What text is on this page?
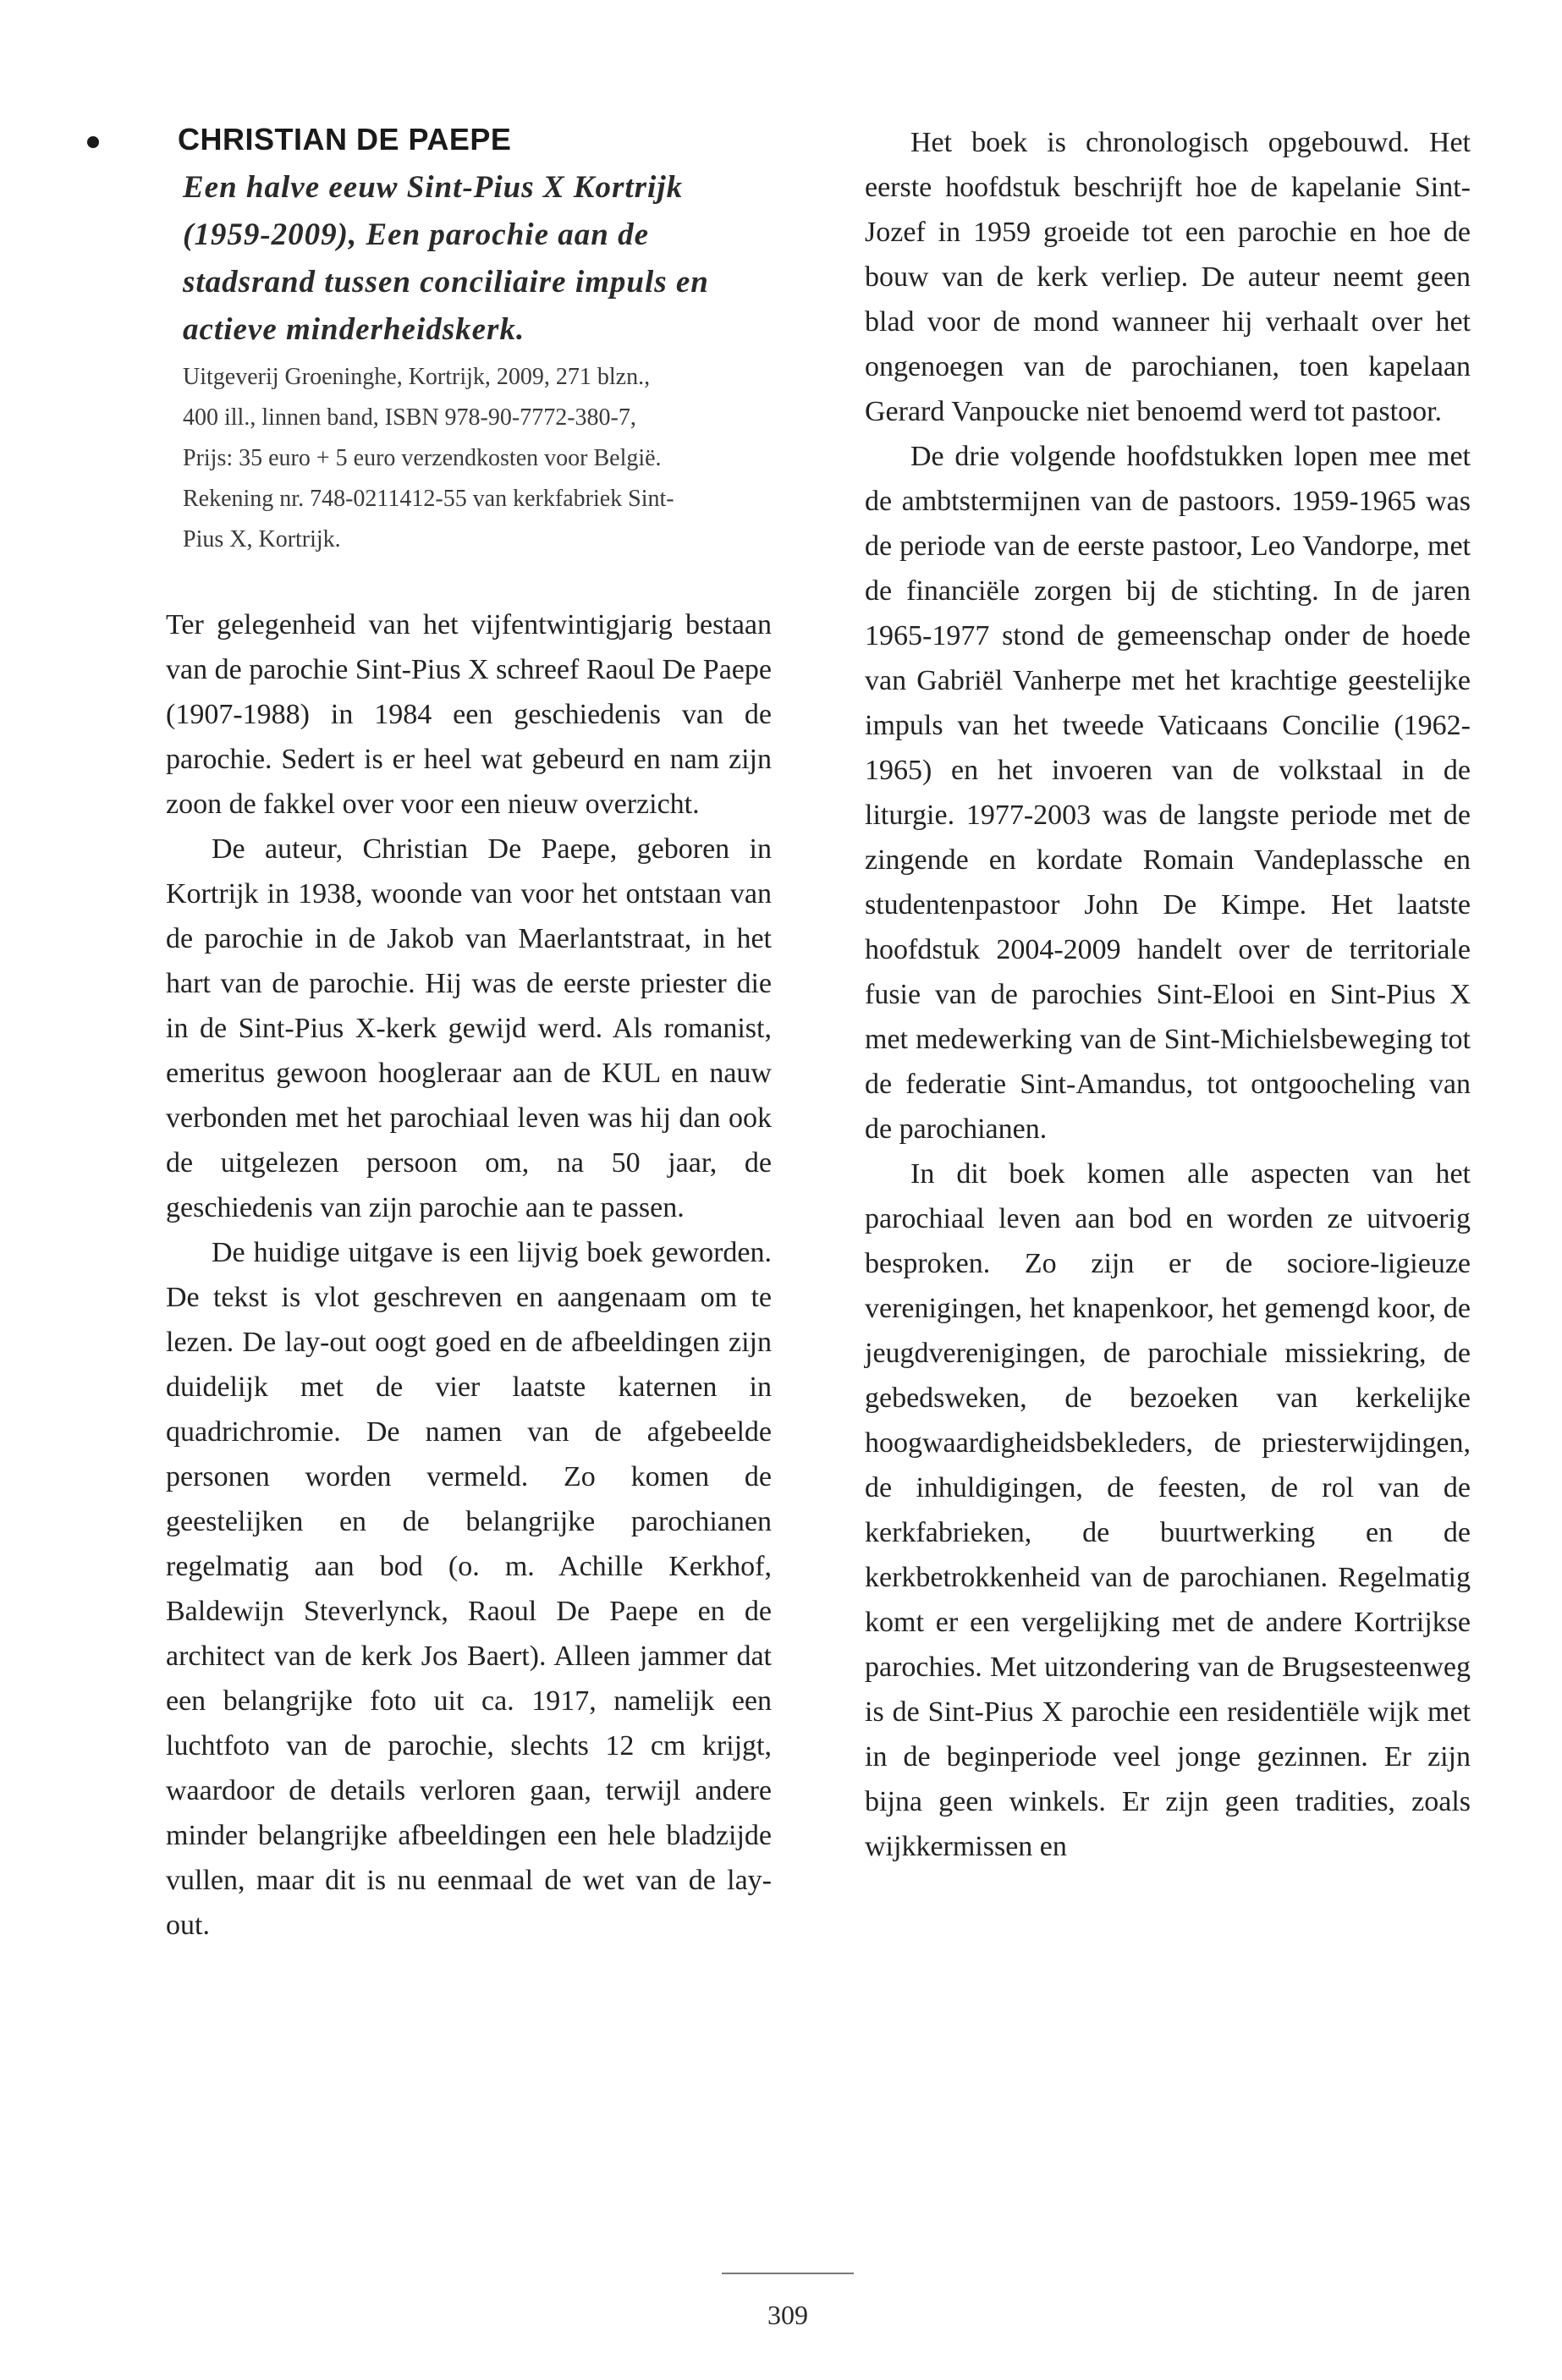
CHRISTIAN DE PAEPE
Een halve eeuw Sint-Pius X Kortrijk (1959-2009), Een parochie aan de stadsrand tussen conciliaire impuls en actieve minderheidskerk.
Uitgeverij Groeninghe, Kortrijk, 2009, 271 blzn.,
400 ill., linnen band, ISBN 978-90-7772-380-7,
Prijs: 35 euro + 5 euro verzendkosten voor België.
Rekening nr. 748-0211412-55 van kerkfabriek Sint-
Pius X, Kortrijk.

Ter gelegenheid van het vijfentwintigjarig bestaan van de parochie Sint-Pius X schreef Raoul De Paepe (1907-1988) in 1984 een geschiedenis van de parochie. Sedert is er heel wat gebeurd en nam zijn zoon de fakkel over voor een nieuw overzicht.

De auteur, Christian De Paepe, geboren in Kortrijk in 1938, woonde van voor het ontstaan van de parochie in de Jakob van Maerlantstraat, in het hart van de parochie. Hij was de eerste priester die in de Sint-Pius X-kerk gewijd werd. Als romanist, emeritus gewoon hoogleraar aan de KUL en nauw verbonden met het parochiaal leven was hij dan ook de uitgelezen persoon om, na 50 jaar, de geschiedenis van zijn parochie aan te passen.

De huidige uitgave is een lijvig boek geworden. De tekst is vlot geschreven en aangenaam om te lezen. De lay-out oogt goed en de afbeeldingen zijn duidelijk met de vier laatste katernen in quadrichromie. De namen van de afgebeelde personen worden vermeld. Zo komen de geestelijken en de belangrijke parochianen regelmatig aan bod (o. m. Achille Kerkhof, Baldewijn Steverlynck, Raoul De Paepe en de architect van de kerk Jos Baert). Alleen jammer dat een belangrijke foto uit ca. 1917, namelijk een luchtfoto van de parochie, slechts 12 cm krijgt, waardoor de details verloren gaan, terwijl andere minder belangrijke afbeeldingen een hele bladzijde vullen, maar dit is nu eenmaal de wet van de lay-out.

Het boek is chronologisch opgebouwd. Het eerste hoofdstuk beschrijft hoe de kapelanie Sint-Jozef in 1959 groeide tot een parochie en hoe de bouw van de kerk verliep. De auteur neemt geen blad voor de mond wanneer hij verhaalt over het ongenoegen van de parochianen, toen kapelaan Gerard Vanpoucke niet benoemd werd tot pastoor.

De drie volgende hoofdstukken lopen mee met de ambtstermijnen van de pastoors. 1959-1965 was de periode van de eerste pastoor, Leo Vandorpe, met de financiële zorgen bij de stichting. In de jaren 1965-1977 stond de gemeenschap onder de hoede van Gabriël Vanherpe met het krachtige geestelijke impuls van het tweede Vaticaans Concilie (1962-1965) en het invoeren van de volkstaal in de liturgie. 1977-2003 was de langste periode met de zingende en kordate Romain Vandeplassche en studentenpastoor John De Kimpe. Het laatste hoofdstuk 2004-2009 handelt over de territoriale fusie van de parochies Sint-Elooi en Sint-Pius X met medewerking van de Sint-Michielsbeweging tot de federatie Sint-Amandus, tot ontgoocheling van de parochianen.

In dit boek komen alle aspecten van het parochiaal leven aan bod en worden ze uitvoerig besproken. Zo zijn er de sociore-ligieuze verenigingen, het knapenkoor, het gemengd koor, de jeugdverenigingen, de parochiale missiekring, de gebedsweken, de bezoeken van kerkelijke hoogwaardigheidsbekleders, de priesterwijdingen, de inhuldigingen, de feesten, de rol van de kerkfabrieken, de buurtwerking en de kerkbetrokkenheid van de parochianen. Regelmatig komt er een vergelijking met de andere Kortrijkse parochies. Met uitzondering van de Brugsesteenweg is de Sint-Pius X parochie een residentiële wijk met in de beginperiode veel jonge gezinnen. Er zijn bijna geen winkels. Er zijn geen tradities, zoals wijkkermissen en

309
